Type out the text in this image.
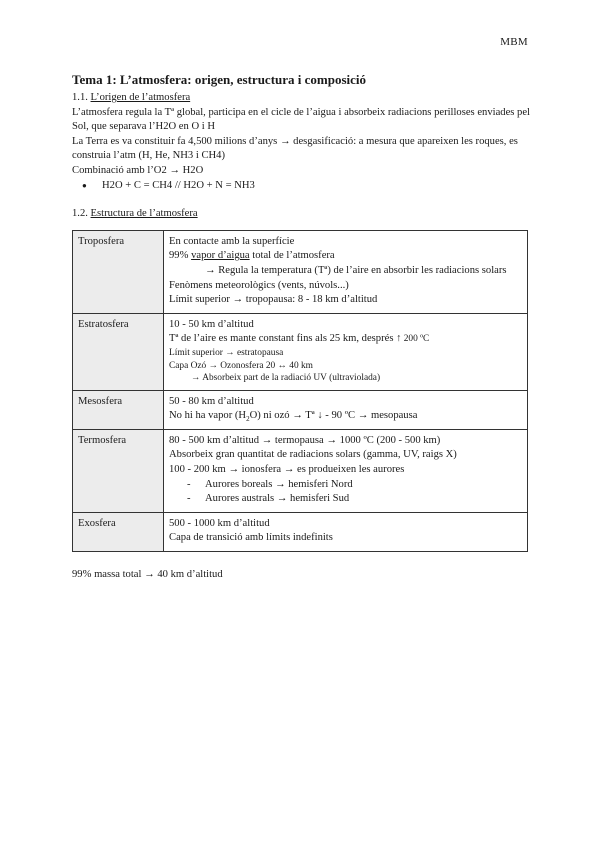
MBM
Tema 1: L’atmosfera: origen, estructura i composició

1.1. L’origen de l’atmosfera

L’atmosfera regula la Tª global, participa en el cicle de l’aigua i absorbeix radiacions perilloses enviades pel Sol, que separava l’H2O en O i H

La Terra es va constituir fa 4,500 milions d’anys → desgasificació: a mesura que apareixen les roques, es construia l’atm (H, He, NH3 i CH4)

Combinació amb l’O2 → H2O

● H2O + C = CH4 // H2O + N = NH3

1.2. Estructura de l’atmosfera

Troposfera	En contacte amb la superfície

99% vapor d’aigua total de l’atmosfera

→ Regula la temperatura (Tª) de l’aire en absorbir les radiacions solars

Fenòmens meteorològics (vents, núvols...)

Límit superior → tropopausa: 8 - 18 km d’altitud

Estratosfera	10 - 50 km d’altitud

Tª de l’aire es mante constant fins als 25 km, després ↑ 200 ºC

Límit superior → estratopausa

Capa Ozó → Ozonosfera 20 ↔ 40 km

→ Absorbeix part de la radiació UV (ultraviolada)

Mesosfera	50 - 80 km d’altitud

No hi ha vapor $(H_2O)$ ni ozó → Tª ↓ - 90 ºC → mesopausa

Termosfera	80 - 500 km d’altitud → termopausa → 1000 ºC (200 - 500 km)

Absorbeix gran quantitat de radiacions solars (gamma, UV, raigs X)

100 - 200 km → ionosfera → es produeixen les aurores

- Aurores boreals → hemisferi Nord

- Aurores australs → hemisferi Sud

Exosfera	500 - 1000 km d’altitud

Capa de transició amb límits indefinits

99% massa total → 40 km d’altitud
